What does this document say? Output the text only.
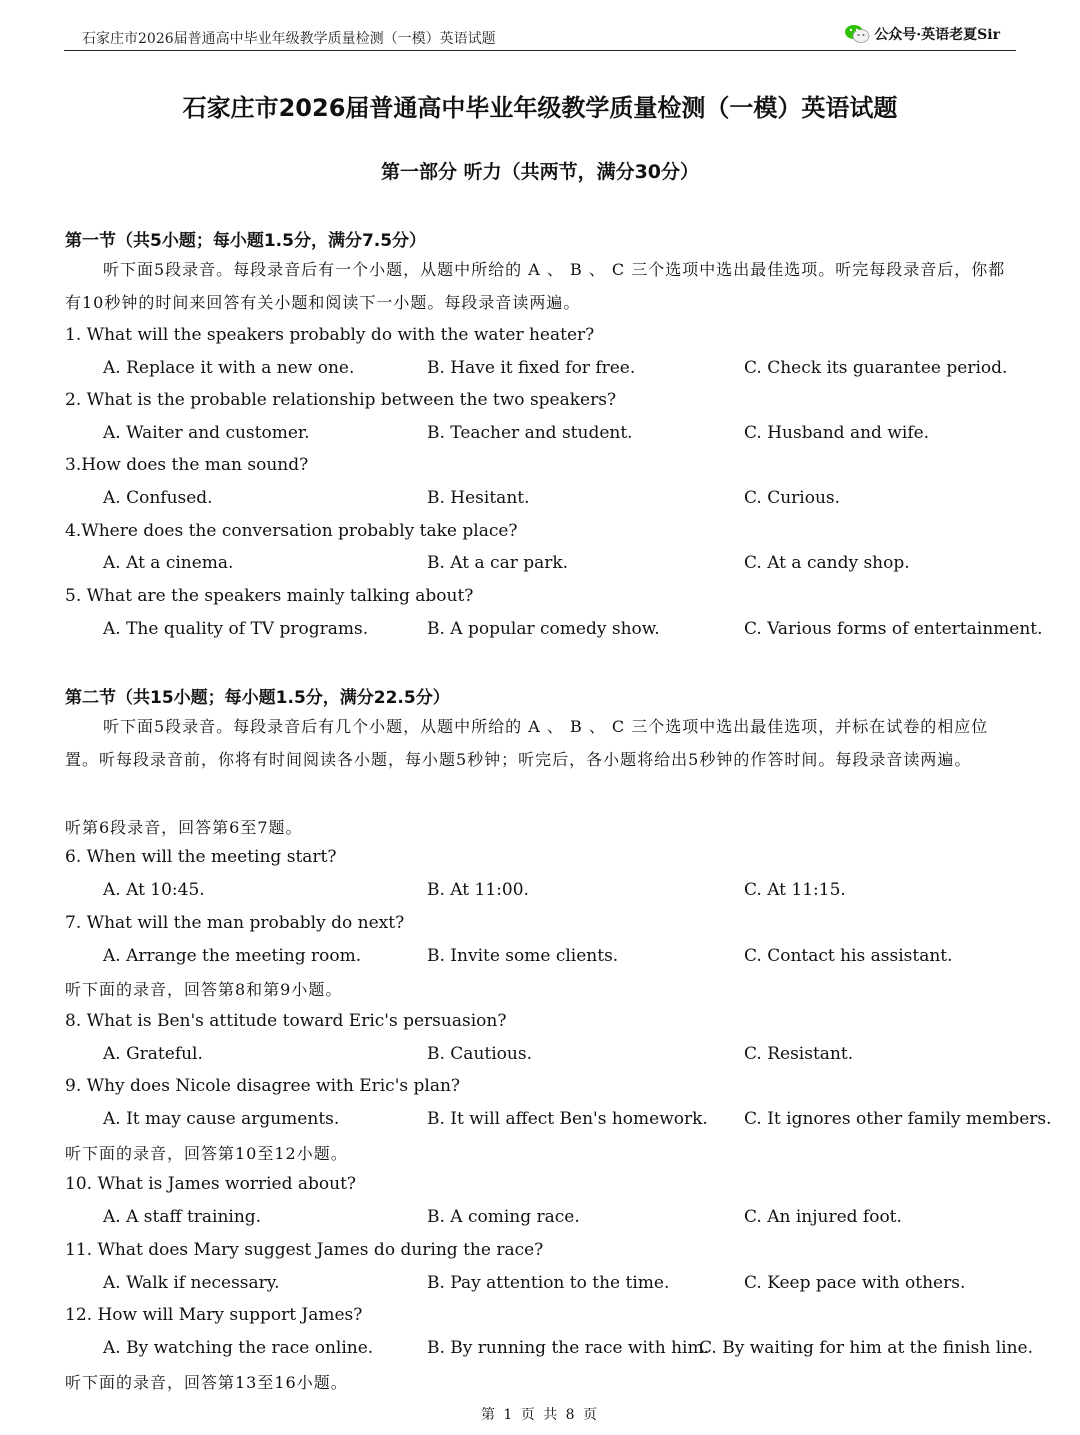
石家庄市2026届普通高中毕业年级教学质量检测（一模）英语试题	公众号·英语老夏Sir
石家庄市2026届普通高中毕业年级教学质量检测（一模）英语试题
第一部分 听力（共两节，满分30分）
第一节（共5小题；每小题1.5分，满分7.5分）

听下面5段录音。每段录音后有一个小题，从题中所给的 A 、 B 、 C 三个选项中选出最佳选项。听完每段录音后，你都有10秒钟的时间来回答有关小题和阅读下一小题。每段录音读两遍。

1. What will the speakers probably do with the water heater?
A. Replace it with a new one.	B. Have it fixed for free.	C. Check its guarantee period.
2. What is the probable relationship between the two speakers?
A. Waiter and customer.	B. Teacher and student.	C. Husband and wife.
3.How does the man sound?
A. Confused.	B. Hesitant.	C. Curious.
4.Where does the conversation probably take place?
A. At a cinema.	B. At a car park.	C. At a candy shop.
5. What are the speakers mainly talking about?
A. The quality of TV programs.	B. A popular comedy show.	C. Various forms of entertainment.
第二节（共15小题；每小题1.5分，满分22.5分）

听下面5段录音。每段录音后有几个小题，从题中所给的 A 、 B 、 C 三个选项中选出最佳选项，并标在试卷的相应位置。听每段录音前，你将有时间阅读各小题，每小题5秒钟；听完后，各小题将给出5秒钟的作答时间。每段录音读两遍。

听第6段录音，回答第6至7题。
6. When will the meeting start?
A. At 10:45.	B. At 11:00.	C. At 11:15.
7. What will the man probably do next?
A. Arrange the meeting room.	B. Invite some clients.	C. Contact his assistant.
听下面的录音，回答第8和第9小题。
8. What is Ben's attitude toward Eric's persuasion?
A. Grateful.	B. Cautious.	C. Resistant.
9. Why does Nicole disagree with Eric's plan?
A. It may cause arguments.	B. It will affect Ben's homework. C. It ignores other family members.
听下面的录音，回答第10至12小题。
10. What is James worried about?
A. A staff training.	B. A coming race.	C. An injured foot.
11. What does Mary suggest James do during the race?
A. Walk if necessary.	B. Pay attention to the time.	C. Keep pace with others.
12. How will Mary support James?
A. By watching the race online.	B. By running the race with him.
C. By waiting for him at the finish line.
听下面的录音，回答第13至16小题。
第 1 页 共 8 页
